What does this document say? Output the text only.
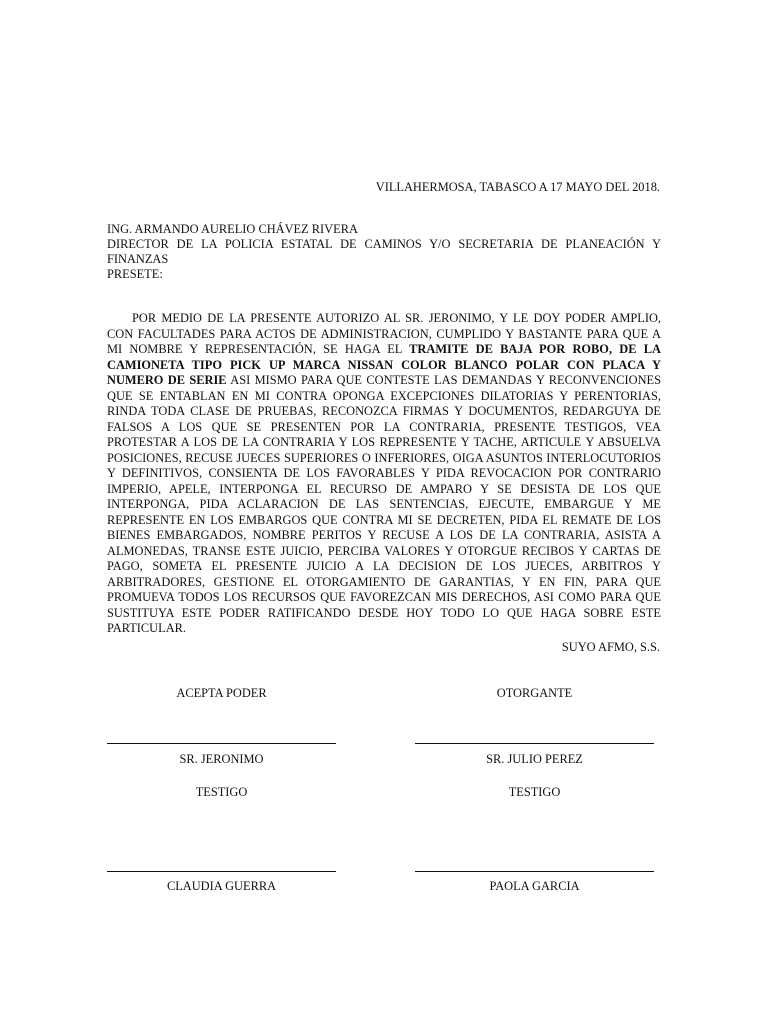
VILLAHERMOSA, TABASCO A 17 MAYO DEL 2018.
ING. ARMANDO AURELIO CHÁVEZ RIVERA
DIRECTOR DE LA POLICIA ESTATAL DE CAMINOS Y/O SECRETARIA DE PLANEACIÓN Y FINANZAS
PRESETE:
POR MEDIO DE LA PRESENTE AUTORIZO AL SR. JERONIMO, Y LE DOY PODER AMPLIO, CON FACULTADES PARA ACTOS DE ADMINISTRACION, CUMPLIDO Y BASTANTE PARA QUE A MI NOMBRE Y REPRESENTACIÓN, SE HAGA EL TRAMITE DE BAJA POR ROBO, DE LA CAMIONETA TIPO PICK UP MARCA NISSAN COLOR BLANCO POLAR CON PLACA Y NUMERO DE SERIE ASI MISMO PARA QUE CONTESTE LAS DEMANDAS Y RECONVENCIONES QUE SE ENTABLAN EN MI CONTRA OPONGA EXCEPCIONES DILATORIAS Y PERENTORIAS, RINDA TODA CLASE DE PRUEBAS, RECONOZCA FIRMAS Y DOCUMENTOS, REDARGUYA DE FALSOS A LOS QUE SE PRESENTEN POR LA CONTRARIA, PRESENTE TESTIGOS, VEA PROTESTAR A LOS DE LA CONTRARIA Y LOS REPRESENTE Y TACHE, ARTICULE Y ABSUELVA POSICIONES, RECUSE JUECES SUPERIORES O INFERIORES, OIGA ASUNTOS INTERLOCUTORIOS Y DEFINITIVOS, CONSIENTA DE LOS FAVORABLES Y PIDA REVOCACION POR CONTRARIO IMPERIO, APELE, INTERPONGA EL RECURSO DE AMPARO Y SE DESISTA DE LOS QUE INTERPONGA, PIDA ACLARACION DE LAS SENTENCIAS, EJECUTE, EMBARGUE Y ME REPRESENTE EN LOS EMBARGOS QUE CONTRA MI SE DECRETEN, PIDA EL REMATE DE LOS BIENES EMBARGADOS, NOMBRE PERITOS Y RECUSE A LOS DE LA CONTRARIA, ASISTA A ALMONEDAS, TRANSE ESTE JUICIO, PERCIBA VALORES Y OTORGUE RECIBOS Y CARTAS DE PAGO, SOMETA EL PRESENTE JUICIO A LA DECISION DE LOS JUECES, ARBITROS Y ARBITRADORES, GESTIONE EL OTORGAMIENTO DE GARANTIAS, Y EN FIN, PARA QUE PROMUEVA TODOS LOS RECURSOS QUE FAVOREZCAN MIS DERECHOS, ASI COMO PARA QUE SUSTITUYA ESTE PODER RATIFICANDO DESDE HOY TODO LO QUE HAGA SOBRE ESTE PARTICULAR.
SUYO AFMO, S.S.
ACEPTA PODER	OTORGANTE
SR. JERONIMO	SR. JULIO PEREZ
TESTIGO	TESTIGO
CLAUDIA GUERRA	PAOLA GARCIA
